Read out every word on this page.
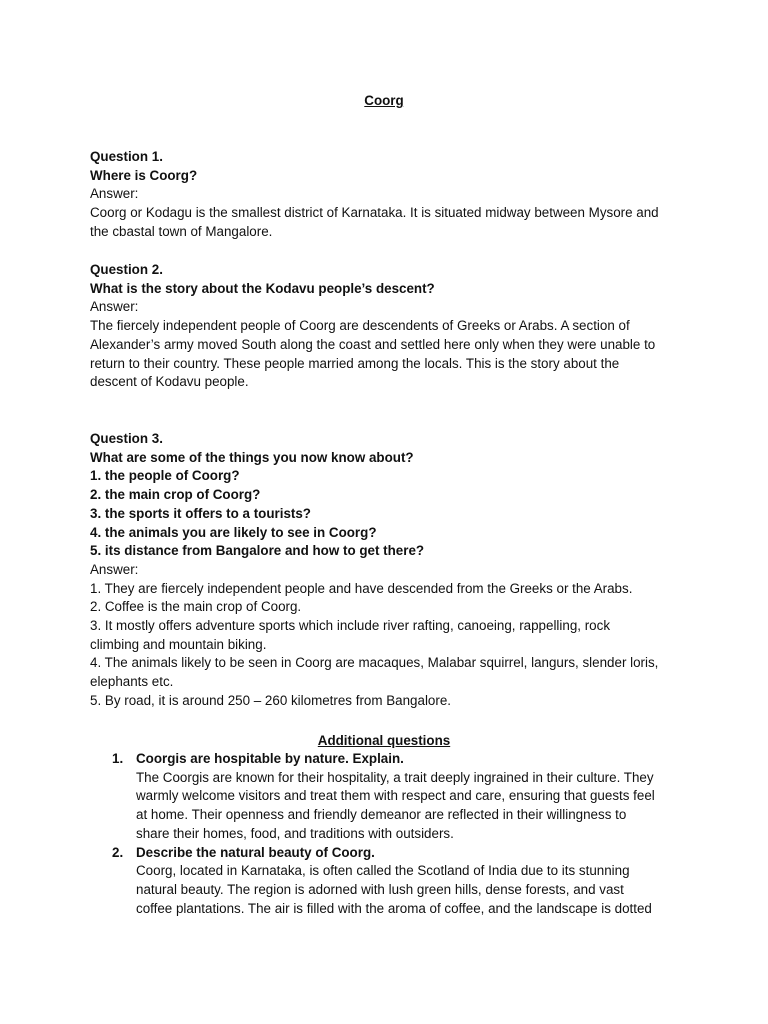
Coorg
Question 1.
Where is Coorg?
Answer:
Coorg or Kodagu is the smallest district of Karnataka. It is situated midway between Mysore and
the cbastal town of Mangalore.
Question 2.
What is the story about the Kodavu people’s descent?
Answer:
The fiercely independent people of Coorg are descendents of Greeks or Arabs. A section of
Alexander’s army moved South along the coast and settled here only when they were unable to
return to their country. These people married among the locals. This is the story about the
descent of Kodavu people.
Question 3.
What are some of the things you now know about?
1. the people of Coorg?
2. the main crop of Coorg?
3. the sports it offers to a tourists?
4. the animals you are likely to see in Coorg?
5. its distance from Bangalore and how to get there?
Answer:
1. They are fiercely independent people and have descended from the Greeks or the Arabs.
2. Coffee is the main crop of Coorg.
3. It mostly offers adventure sports which include river rafting, canoeing, rappelling, rock
climbing and mountain biking.
4. The animals likely to be seen in Coorg are macaques, Malabar squirrel, langurs, slender loris,
elephants etc.
5. By road, it is around 250 – 260 kilometres from Bangalore.
Additional questions
1. Coorgis are hospitable by nature. Explain.
The Coorgis are known for their hospitality, a trait deeply ingrained in their culture. They
warmly welcome visitors and treat them with respect and care, ensuring that guests feel
at home. Their openness and friendly demeanor are reflected in their willingness to
share their homes, food, and traditions with outsiders.
2. Describe the natural beauty of Coorg.
Coorg, located in Karnataka, is often called the Scotland of India due to its stunning
natural beauty. The region is adorned with lush green hills, dense forests, and vast
coffee plantations. The air is filled with the aroma of coffee, and the landscape is dotted
